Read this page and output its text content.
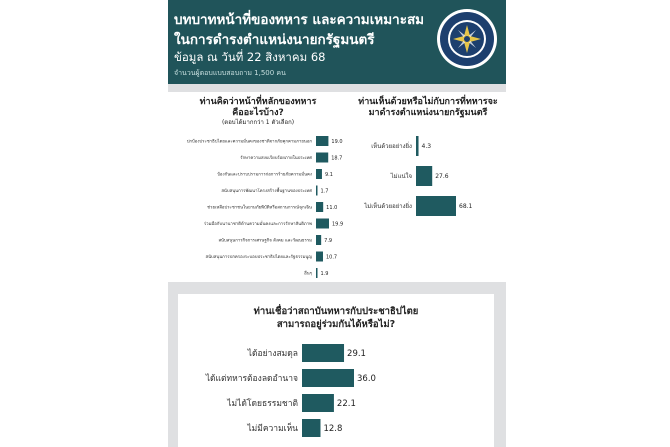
บทบาทหน้าที่ของทหาร และความเหมาะสม
ในการดำรงตำแหน่งนายกรัฐมนตรี
ข้อมูล ณ วันที่ 22 สิงหาคม 68
จำนวนผู้ตอบแบบสอบถาม 1,500 คน
ท่านคิดว่าหน้าที่หลักของทหาร
คืออะไรบ้าง?
(ตอบได้มากกว่า 1 ตัวเลือก)
ปกป้องประชาธิปไตยและความมั่นคงของชาติจากภัยคุกคามภายนอก	19.0
รักษาความสงบเรียบร้อยภายในประเทศ	18.7
ป้องกันและปราบปรามการก่อการร้ายภัยความมั่นคง	9.1
สนับสนุนการพัฒนาโครงสร้างพื้นฐานของประเทศ 1.7
ช่วยเหลือประชาชนในยามภัยพิบัติหรือสถานการณ์ฉุกเฉิน	11.0
ร่วมมือกับนานาชาติด้านความมั่นคงและการรักษาสันติภาพ	19.9
สนับสนุนการกิจการเศรษฐกิจ สังคม และวัฒนธรรม 7.9
สนับสนุนการปกครองระบอบประชาธิปไตยและรัฐธรรมนูญ	10.7
อื่นๆ 1.9
ท่านเห็นด้วยหรือไม่กับการที่ทหารจะ
มาดำรงตำแหน่งนายกรัฐมนตรี
เห็นด้วยอย่างยิ่ง 4.3
ไม่แน่ใจ	27.6
ไม่เห็นด้วยอย่างยิ่ง	68.1
ท่านเชื่อว่าสถาบันทหารกับประชาธิปไตย
สามารถอยู่ร่วมกันได้หรือไม่?
ได้อย่างสมดุล	29.1
ได้แต่ทหารต้องลดอำนาจ	36.0
ไม่ได้โดยธรรมชาติ	22.1
ไม่มีความเห็น	12.8
